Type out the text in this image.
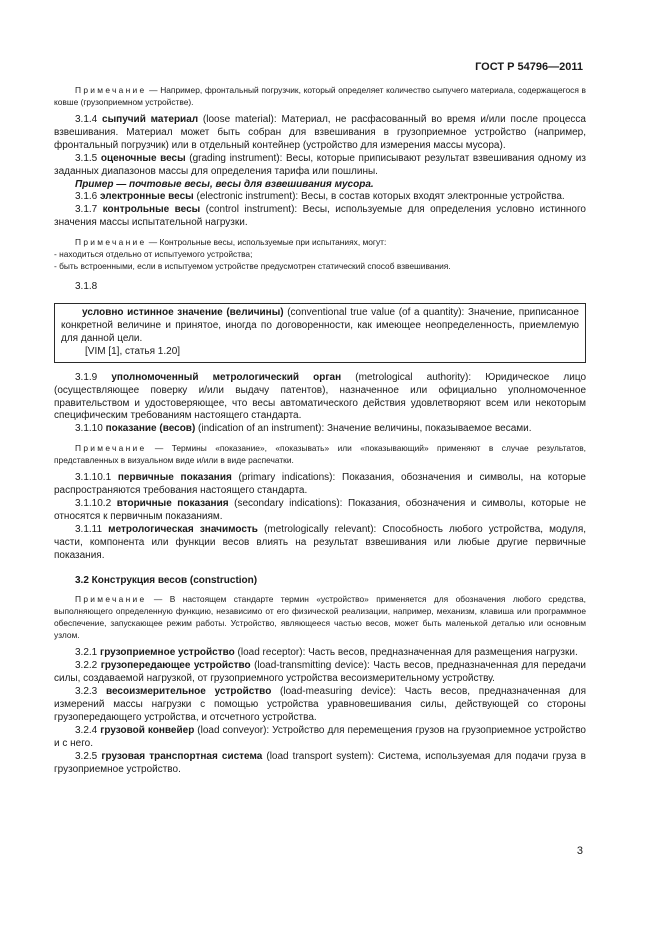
ГОСТ Р 54796—2011

Примечание — Например, фронтальный погрузчик, который определяет количество сыпучего материала, содержащегося в ковше (грузоприемном устройстве).

3.1.4 сыпучий материал (loose material): Материал, не расфасованный во время и/или после процесса взвешивания. Материал может быть собран для взвешивания в грузоприемное устройство (например, фронтальный погрузчик) или в отдельный контейнер (устройство для измерения массы мусора).

3.1.5 оценочные весы (grading instrument): Весы, которые приписывают результат взвешивания одному из заданных диапазонов массы для определения тарифа или пошлины.

Пример — почтовые весы, весы для взвешивания мусора.

3.1.6 электронные весы (electronic instrument): Весы, в состав которых входят электронные устройства.

3.1.7 контрольные весы (control instrument): Весы, используемые для определения условно истинного значения массы испытательной нагрузки.

Примечание — Контрольные весы, используемые при испытаниях, могут:

- находиться отдельно от испытуемого устройства;

- быть встроенными, если в испытуемом устройстве предусмотрен статический способ взвешивания.

3.1.8

условно истинное значение (величины) (conventional true value (of a quantity): Значение, приписанное конкретной величине и принятое, иногда по договоренности, как имеющее неопределенность, приемлемую для данной цели.

[VIM [1], статья 1.20]

3.1.9 уполномоченный метрологический орган (metrological authority): Юридическое лицо (осуществляющее поверку и/или выдачу патентов), назначенное или официально уполномоченное правительством и удостоверяющее, что весы автоматического действия удовлетворяют всем или некоторым специфическим требованиям настоящего стандарта.

3.1.10 показание (весов) (indication of an instrument): Значение величины, показываемое весами.

Примечание — Термины «показание», «показывать» или «показывающий» применяют в случае результатов, представленных в визуальном виде и/или в виде распечатки.

3.1.10.1 первичные показания (primary indications): Показания, обозначения и символы, на которые распространяются требования настоящего стандарта.

3.1.10.2 вторичные показания (secondary indications): Показания, обозначения и символы, которые не относятся к первичным показаниям.

3.1.11 метрологическая значимость (metrologically relevant): Способность любого устройства, модуля, части, компонента или функции весов влиять на результат взвешивания или любые другие первичные показания.

3.2 Конструкция весов (construction)

Примечание — В настоящем стандарте термин «устройство» применяется для обозначения любого средства, выполняющего определенную функцию, независимо от его физической реализации, например, механизм, клавиша или программное обеспечение, запускающее режим работы. Устройство, являющееся частью весов, может быть маленькой деталью или основным узлом.

3.2.1 грузоприемное устройство (load receptor): Часть весов, предназначенная для размещения нагрузки.

3.2.2 грузопередающее устройство (load-transmitting device): Часть весов, предназначенная для передачи силы, создаваемой нагрузкой, от грузоприемного устройства весоизмерительному устройству.

3.2.3 весоизмерительное устройство (load-measuring device): Часть весов, предназначенная для измерений массы нагрузки с помощью устройства уравновешивания силы, действующей со стороны грузопередающего устройства, и отсчетного устройства.

3.2.4 грузовой конвейер (load conveyor): Устройство для перемещения грузов на грузоприемное устройство и с него.

3.2.5 грузовая транспортная система (load transport system): Система, используемая для подачи груза в грузоприемное устройство.

3
